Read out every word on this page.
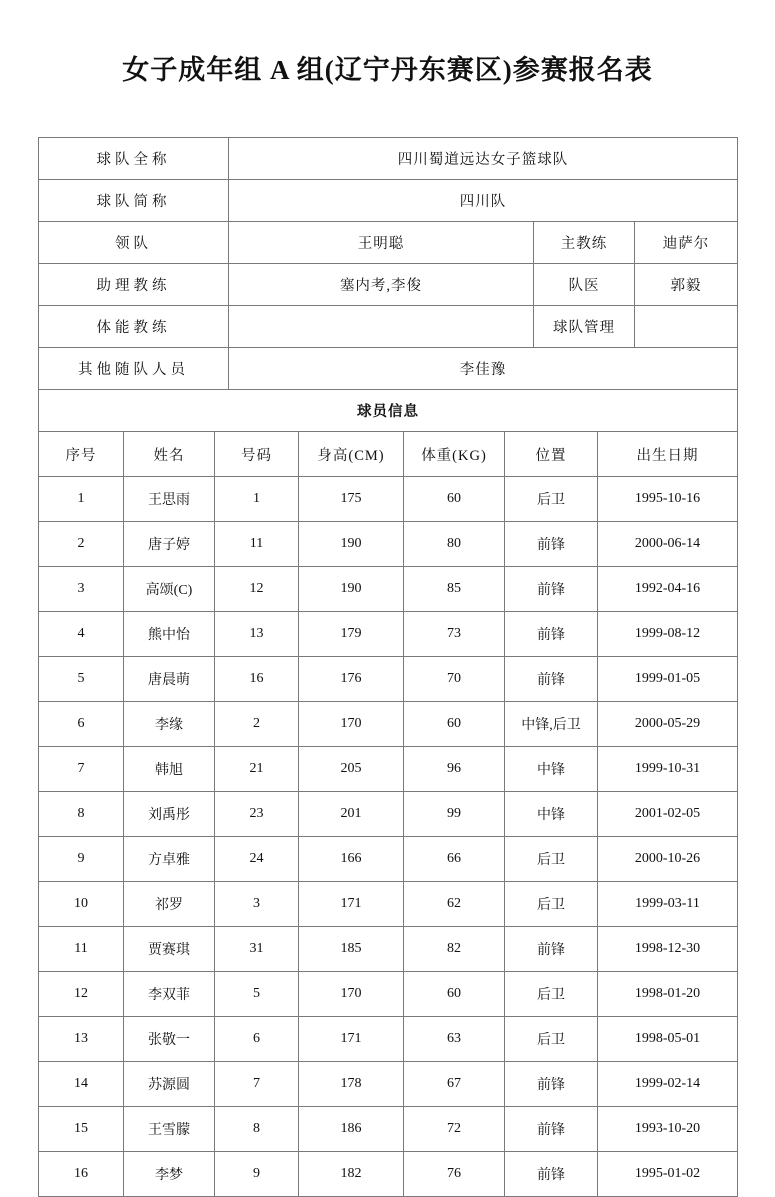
女子成年组 A 组(辽宁丹东赛区)参赛报名表
球队全称	四川蜀道远达女子篮球队		
球队简称	四川队		
领队	王明聪	主教练	迪萨尔
助理教练	塞内考,李俊	队医	郭毅
体能教练		球队管理	
其他随队人员	李佳豫		
球员信息			
序号	姓名	号码	身高(CM)	体重(KG)	位置	出生日期
1	王思雨	1	175	60	后卫	1995-10-16
2	唐子婷	11	190	80	前锋	2000-06-14
3	高颂(C)	12	190	85	前锋	1992-04-16
4	熊中怡	13	179	73	前锋	1999-08-12
5	唐晨萌	16	176	70	前锋	1999-01-05
6	李缘	2	170	60	中锋,后卫	2000-05-29
7	韩旭	21	205	96	中锋	1999-10-31
8	刘禹彤	23	201	99	中锋	2001-02-05
9	方卓雅	24	166	66	后卫	2000-10-26
10	祁罗	3	171	62	后卫	1999-03-11
11	贾赛琪	31	185	82	前锋	1998-12-30
12	李双菲	5	170	60	后卫	1998-01-20
13	张敬一	6	171	63	后卫	1998-05-01
14	苏源圆	7	178	67	前锋	1999-02-14
15	王雪朦	8	186	72	前锋	1993-10-20
16	李梦	9	182	76	前锋	1995-01-02
